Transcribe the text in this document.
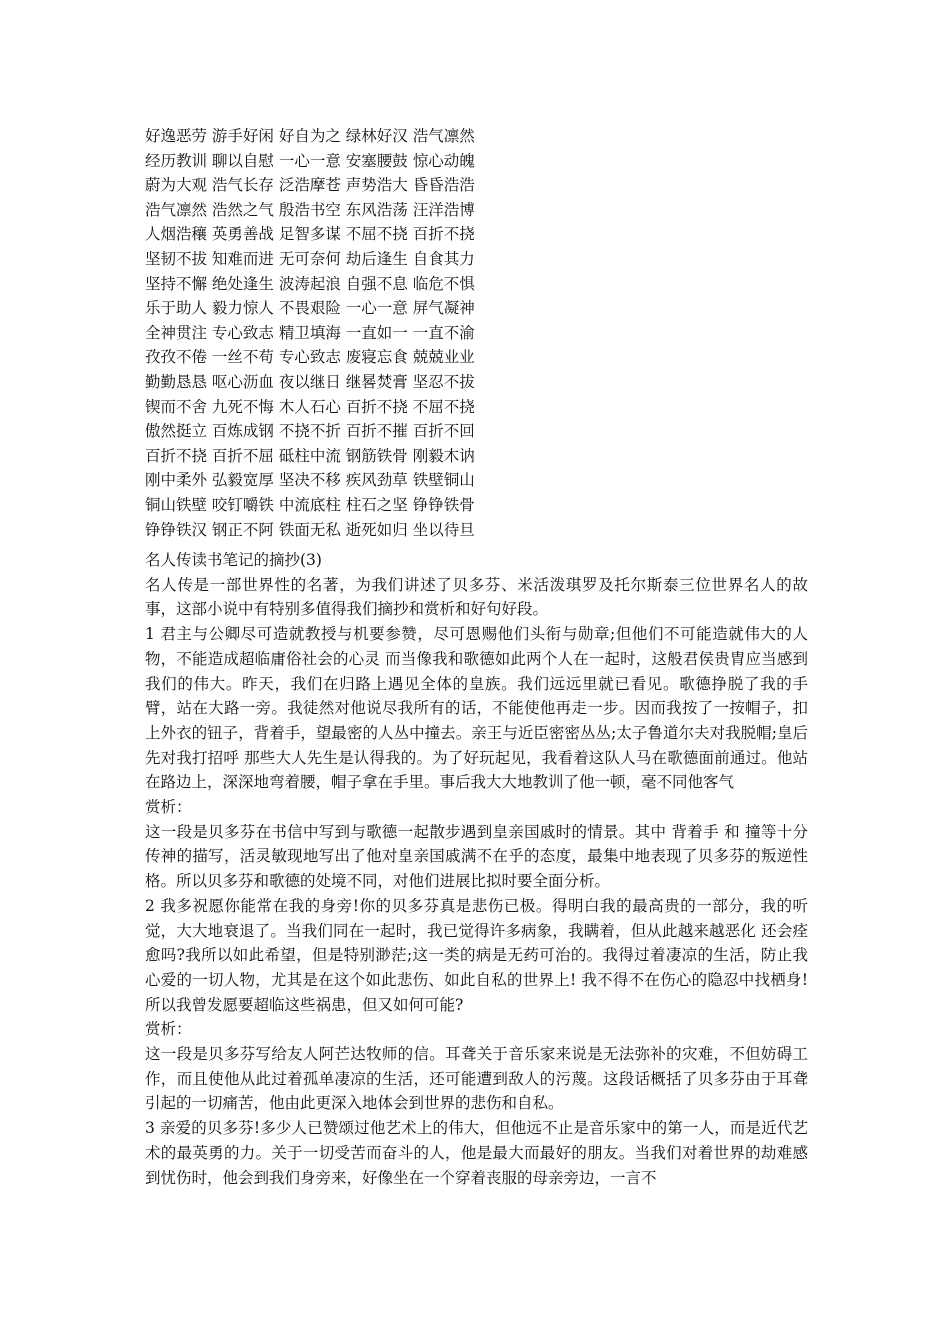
好逸恶劳 游手好闲 好自为之 绿林好汉 浩气凛然
经历教训 聊以自慰 一心一意 安塞腰鼓 惊心动魄
蔚为大观 浩气长存 泛浩摩苍 声势浩大 昏昏浩浩
浩气凛然 浩然之气 殷浩书空 东风浩荡 汪洋浩博
人烟浩穰 英勇善战 足智多谋 不屈不挠 百折不挠
坚韧不拔 知难而进 无可奈何 劫后逢生 自食其力
坚持不懈 绝处逢生 波涛起浪 自强不息 临危不惧
乐于助人 毅力惊人 不畏艰险 一心一意 屏气凝神
全神贯注 专心致志 精卫填海 一直如一 一直不渝
孜孜不倦 一丝不苟 专心致志 废寝忘食 兢兢业业
勤勤恳恳 呕心沥血 夜以继日 继晷焚膏 坚忍不拔
锲而不舍 九死不悔 木人石心 百折不挠 不屈不挠
傲然挺立 百炼成钢 不挠不折 百折不摧 百折不回
百折不挠 百折不屈 砥柱中流 钢筋铁骨 刚毅木讷
刚中柔外 弘毅宽厚 坚决不移 疾风劲草 铁壁铜山
铜山铁壁 咬钉嚼铁 中流底柱 柱石之坚 铮铮铁骨
铮铮铁汉 钢正不阿 铁面无私 逝死如归 坐以待旦
名人传读书笔记的摘抄(3)

名人传是一部世界性的名著，为我们讲述了贝多芬、米活泼琪罗及托尔斯泰三位世界名人的故事，这部小说中有特别多值得我们摘抄和赏析和好句好段。

1 君主与公卿尽可造就教授与机要参赞，尽可恩赐他们头衔与勋章;但他们不可能造就伟大的人物，不能造成超临庸俗社会的心灵 而当像我和歌德如此两个人在一起时，这般君侯贵胄应当感到我们的伟大。昨天，我们在归路上遇见全体的皇族。我们远远里就已看见。歌德挣脱了我的手臂，站在大路一旁。我徒然对他说尽我所有的话，不能使他再走一步。因而我按了一按帽子，扣上外衣的钮子，背着手，望最密的人丛中撞去。亲王与近臣密密丛丛;太子鲁道尔夫对我脱帽;皇后先对我打招呼 那些大人先生是认得我的。为了好玩起见，我看着这队人马在歌德面前通过。他站在路边上，深深地弯着腰，帽子拿在手里。事后我大大地教训了他一顿，毫不同他客气

赏析：

这一段是贝多芬在书信中写到与歌德一起散步遇到皇亲国戚时的情景。其中 背着手 和 撞等十分传神的描写，活灵敏现地写出了他对皇亲国戚满不在乎的态度，最集中地表现了贝多芬的叛逆性格。所以贝多芬和歌德的处境不同，对他们进展比拟时要全面分析。

2 我多祝愿你能常在我的身旁!你的贝多芬真是悲伤已极。得明白我的最高贵的一部分，我的听觉，大大地衰退了。当我们同在一起时，我已觉得许多病象，我瞒着，但从此越来越恶化 还会痊愈吗?我所以如此希望，但是特别渺茫;这一类的病是无药可治的。我得过着凄凉的生活，防止我心爱的一切人物，尤其是在这个如此悲伤、如此自私的世界上! 我不得不在伤心的隐忍中找栖身!所以我曾发愿要超临这些祸患，但又如何可能?

赏析：

这一段是贝多芬写给友人阿芒达牧师的信。耳聋关于音乐家来说是无法弥补的灾难，不但妨碍工作，而且使他从此过着孤单凄凉的生活，还可能遭到敌人的污蔑。这段话概括了贝多芬由于耳聋引起的一切痛苦，他由此更深入地体会到世界的悲伤和自私。

3 亲爱的贝多芬!多少人已赞颂过他艺术上的伟大，但他远不止是音乐家中的第一人，而是近代艺术的最英勇的力。关于一切受苦而奋斗的人，他是最大而最好的朋友。当我们对着世界的劫难感到忧伤时，他会到我们身旁来，好像坐在一个穿着丧服的母亲旁边，一言不
